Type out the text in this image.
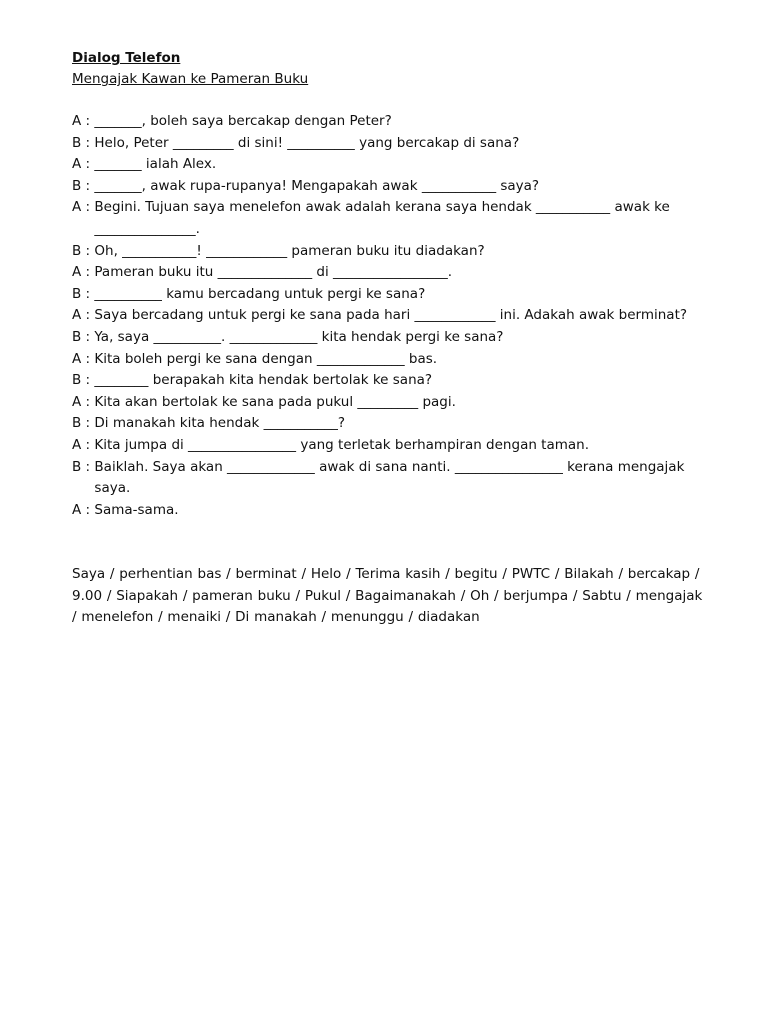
Dialog Telefon
Mengajak Kawan ke Pameran Buku
A : _______, boleh saya bercakap dengan Peter?
B : Helo, Peter _________ di sini! __________ yang bercakap di sana?
A : _______ ialah Alex.
B : _______, awak rupa-rupanya! Mengapakah awak ___________ saya?
A : Begini. Tujuan saya menelefon awak adalah kerana saya hendak ___________ awak ke _______________.
B : Oh, ___________! ____________ pameran buku itu diadakan?
A : Pameran buku itu ______________ di _________________.
B : __________ kamu bercadang untuk pergi ke sana?
A : Saya bercadang untuk pergi ke sana pada hari ____________ ini. Adakah awak berminat?
B : Ya, saya __________. _____________ kita hendak pergi ke sana?
A : Kita boleh pergi ke sana dengan _____________ bas.
B : ________ berapakah kita hendak bertolak ke sana?
A : Kita akan bertolak ke sana pada pukul _________ pagi.
B : Di manakah kita hendak ___________?
A : Kita jumpa di ________________ yang terletak berhampiran dengan taman.
B : Baiklah. Saya akan _____________ awak di sana nanti. ________________ kerana mengajak saya.
A : Sama-sama.
Saya / perhentian bas / berminat / Helo / Terima kasih / begitu / PWTC / Bilakah / bercakap / 9.00 / Siapakah / pameran buku / Pukul / Bagaimanakah / Oh / berjumpa / Sabtu / mengajak / menelefon / menaiki / Di manakah / menunggu / diadakan
